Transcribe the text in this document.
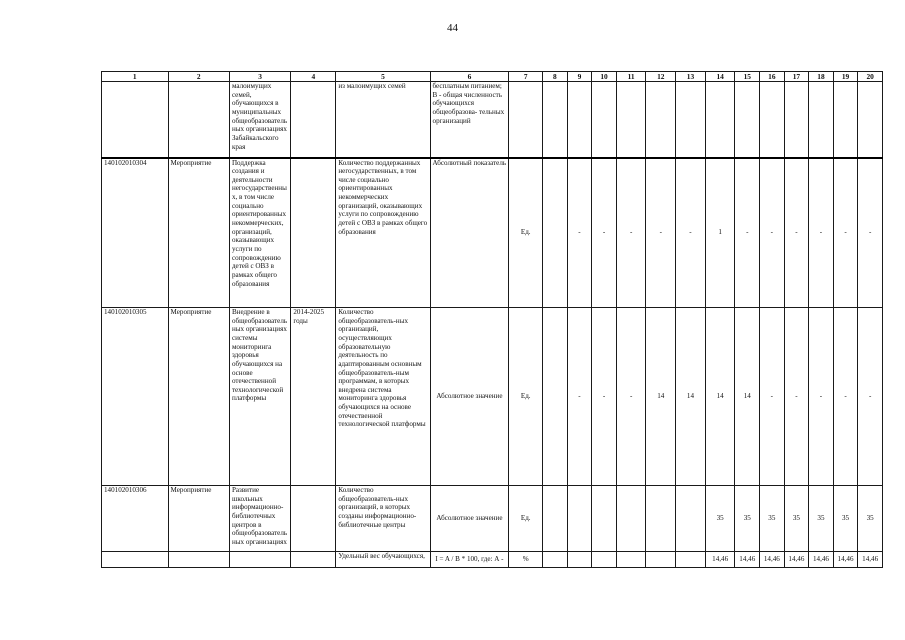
44
1	2	3	4	5	6	7	8	9	10	11	12	13	14	15	16	17	18	19	20
		малоимущих семей, обучающихся в муниципальных общеобразователь ных организациях Забайкальского края		из малоимущих семей	бесплатным питанием; В - общая численность обучающихся общеобразова- тельных организаций														
140102010304	Мероприятие	Поддержка создания и деятельности негосударственных, в том числе социально ориентированных некоммерческих, организаций, оказывающих услуги по сопровождению детей с ОВЗ в рамках общего образования		Количество поддержанных негосударственных, в том числе социально ориентированных некоммерческих организаций, оказывающих услуги по сопровождению детей с ОВЗ в рамках общего образования	Абсолютный показатель	Ед.		-	-	-	-	-	1	-	-	-	-	-	-
140102010305	Мероприятие	Внедрение в общеобразовательных организациях системы мониторинга здоровья обучающихся на основе отечественной технологической платформы	2014-2025 годы	Количество общеобразователь-ных организаций, осуществляющих образовательную деятельность по адаптированным основным общеобразователь-ным программам, в которых внедрена система мониторинга здоровья обучающихся на основе отечественной технологической платформы	Абсолютное значение	Ед.		-	-	-	14	14	14	14	-	-	-	-	-
140102010306	Мероприятие	Развитие школьных информационно-библиотечных центров в общеобразовательных организациях		Количество общеобразователь-ных организаций, в которых созданы информационно-библиотечные центры	Абсолютное значение	Ед.							35	35	35	35	35	35	35
				Удельный вес обучающихся,	I = A / B * 100, где: А -	%							14,46	14,46	14,46	14,46	14,46	14,46	14,46
